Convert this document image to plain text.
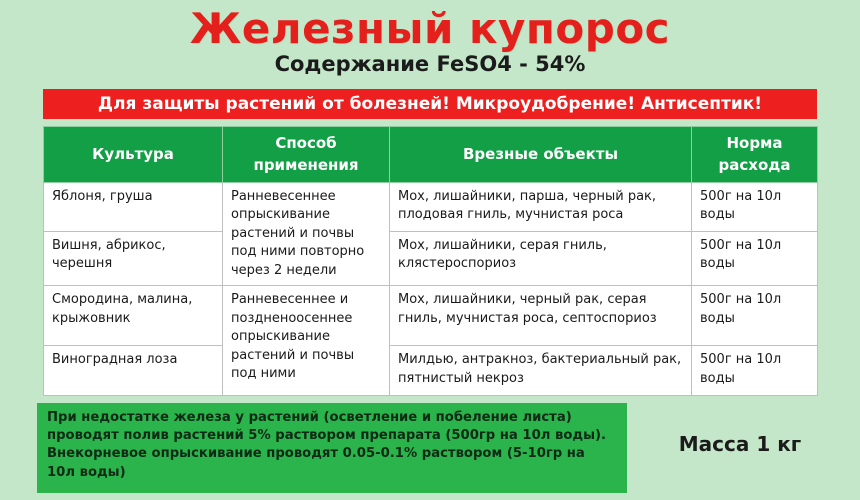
Железный купорос
Содержание FeSO4 - 54%
Для защиты растений от болезней! Микроудобрение! Антисептик!
Культура	Способ применения	Врезные объекты	Норма расхода
Яблоня, груша	Ранневесеннее опрыскивание растений и почвы под ними повторно через 2 недели	Мох, лишайники, парша, черный рак, плодовая гниль, мучнистая роса	500г на 10л воды
Вишня, абрикос, черешня		Мох, лишайники, серая гниль, клястероспориоз	500г на 10л воды
Смородина, малина, крыжовник	Ранневесеннее и поздненоосеннее опрыскивание растений и почвы под ними	Мох, лишайники, черный рак, серая гниль, мучнистая роса, септоспориоз	500г на 10л воды
Виноградная лоза		Милдью, антракноз, бактериальный рак, пятнистый некроз	500г на 10л воды
При недостатке железа у растений (осветление и побеление листа) проводят полив растений 5% раствором препарата (500гр на 10л воды). Внекорневое опрыскивание проводят 0.05-0.1% раствором (5-10гр на 10л воды)
Масса 1 кг
